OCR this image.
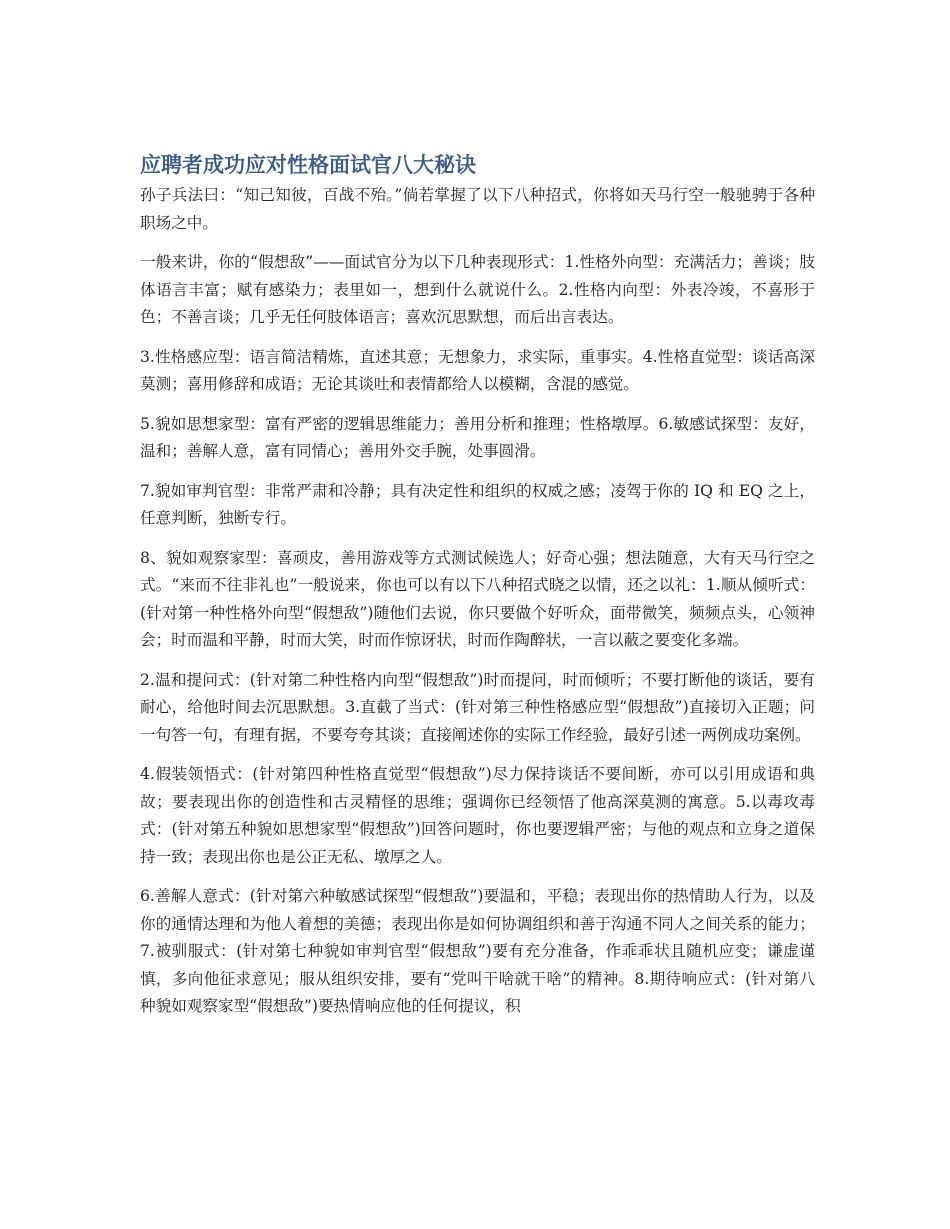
应聘者成功应对性格面试官八大秘诀

孙子兵法曰：“知己知彼，百战不殆。”倘若掌握了以下八种招式，你将如天马行空一般驰骋于各种职场之中。

一般来讲，你的“假想敌”——面试官分为以下几种表现形式：1.性格外向型：充满活力；善谈；肢体语言丰富；赋有感染力；表里如一，想到什么就说什么。2.性格内向型：外表冷竣，不喜形于色；不善言谈；几乎无任何肢体语言；喜欢沉思默想，而后出言表达。

3.性格感应型：语言简洁精炼，直述其意；无想象力，求实际，重事实。4.性格直觉型：谈话高深莫测；喜用修辞和成语；无论其谈吐和表情都给人以模糊，含混的感觉。

5.貌如思想家型：富有严密的逻辑思维能力；善用分析和推理；性格墩厚。6.敏感试探型：友好，温和；善解人意，富有同情心；善用外交手腕，处事圆滑。

7.貌如审判官型：非常严肃和冷静；具有决定性和组织的权威之感；凌驾于你的 IQ 和 EQ 之上，任意判断，独断专行。

8、貌如观察家型：喜顽皮，善用游戏等方式测试候选人；好奇心强；想法随意，大有天马行空之式。“来而不往非礼也”一般说来，你也可以有以下八种招式晓之以情，还之以礼：1.顺从倾听式：(针对第一种性格外向型“假想敌”)随他们去说，你只要做个好听众，面带微笑，频频点头，心领神会；时而温和平静，时而大笑，时而作惊讶状，时而作陶醉状，一言以蔽之要变化多端。

2.温和提问式：(针对第二种性格内向型“假想敌”)时而提问，时而倾听；不要打断他的谈话，要有耐心，给他时间去沉思默想。3.直截了当式：(针对第三种性格感应型“假想敌”)直接切入正题；问一句答一句，有理有据，不要夸夸其谈；直接阐述你的实际工作经验，最好引述一两例成功案例。

4.假装领悟式：(针对第四种性格直觉型“假想敌”)尽力保持谈话不要间断，亦可以引用成语和典故；要表现出你的创造性和古灵精怪的思维；强调你已经领悟了他高深莫测的寓意。5.以毒攻毒式：(针对第五种貌如思想家型“假想敌”)回答问题时，你也要逻辑严密；与他的观点和立身之道保持一致；表现出你也是公正无私、墩厚之人。

6.善解人意式：(针对第六种敏感试探型“假想敌”)要温和，平稳；表现出你的热情助人行为，以及你的通情达理和为他人着想的美德；表现出你是如何协调组织和善于沟通不同人之间关系的能力；7.被驯服式：(针对第七种貌如审判官型“假想敌”)要有充分准备，作乖乖状且随机应变；谦虚谨慎，多向他征求意见；服从组织安排，要有“党叫干啥就干啥”的精神。8.期待响应式：(针对第八种貌如观察家型“假想敌”)要热情响应他的任何提议，积
